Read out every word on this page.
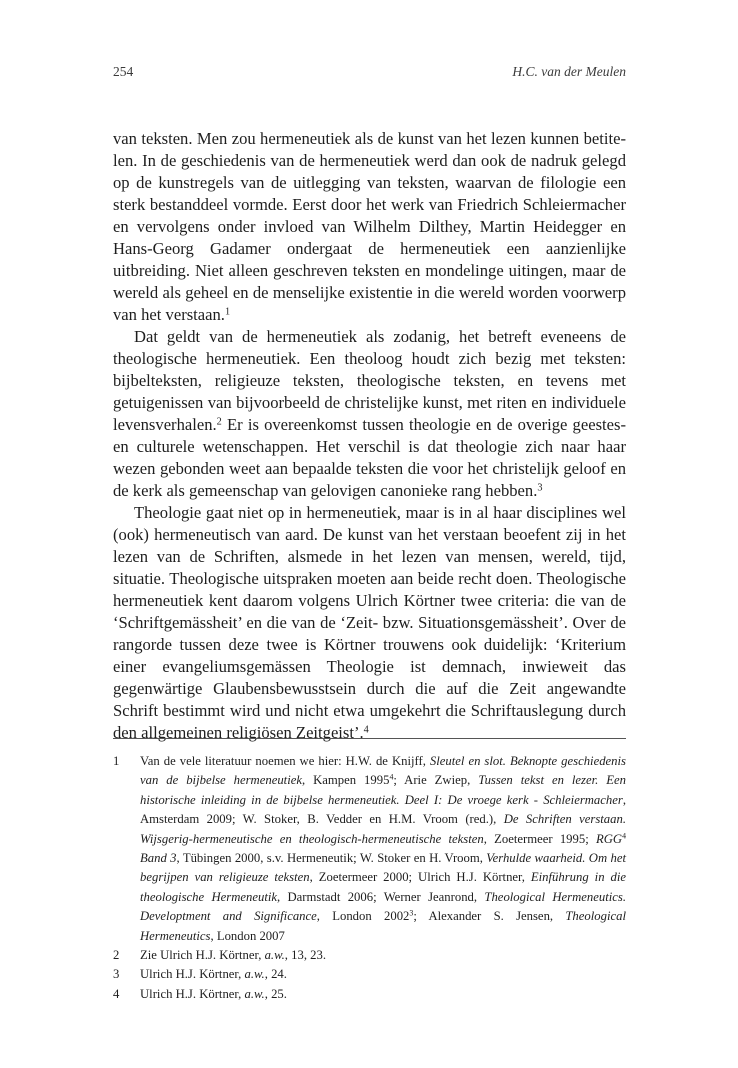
254	H.C. van der Meulen

van teksten. Men zou hermeneutiek als de kunst van het lezen kunnen betitelen. In de geschiedenis van de hermeneutiek werd dan ook de nadruk gelegd op de kunstregels van de uitlegging van teksten, waarvan de filologie een sterk bestanddeel vormde. Eerst door het werk van Friedrich Schleiermacher en vervolgens onder invloed van Wilhelm Dilthey, Martin Heidegger en Hans-Georg Gadamer ondergaat de hermeneutiek een aanzienlijke uitbreiding. Niet alleen geschreven teksten en mondelinge uitingen, maar de wereld als geheel en de menselijke existentie in die wereld worden voorwerp van het verstaan.$^1$

Dat geldt van de hermeneutiek als zodanig, het betreft eveneens de theologische hermeneutiek. Een theoloog houdt zich bezig met teksten: bijbelteksten, religieuze teksten, theologische teksten, en tevens met getuigenissen van bijvoorbeeld de christelijke kunst, met riten en individuele levensverhalen.$^2$ Er is overeenkomst tussen theologie en de overige geestes- en culturele wetenschappen. Het verschil is dat theologie zich naar haar wezen gebonden weet aan bepaalde teksten die voor het christelijk geloof en de kerk als gemeenschap van gelovigen canonieke rang hebben.$^3$

Theologie gaat niet op in hermeneutiek, maar is in al haar disciplines wel (ook) hermeneutisch van aard. De kunst van het verstaan beoefent zij in het lezen van de Schriften, alsmede in het lezen van mensen, wereld, tijd, situatie. Theologische uitspraken moeten aan beide recht doen. Theologische hermeneutiek kent daarom volgens Ulrich Körtner twee criteria: die van de ‘Schriftgemässheit’ en die van de ‘Zeit- bzw. Situationsgemässheit’. Over de rangorde tussen deze twee is Körtner trouwens ook duidelijk: ‘Kriterium einer evangeliumsgemässen Theologie ist demnach, inwieweit das gegenwärtige Glaubensbewusstsein durch die auf die Zeit angewandte Schrift bestimmt wird und nicht etwa umgekehrt die Schriftauslegung durch den allgemeinen religiösen Zeitgeist’.$^4$

1 Van de vele literatuur noemen we hier: H.W. de Knijff, Sleutel en slot. Beknopte geschiedenis van de bijbelse hermeneutiek, Kampen 1995$^4$; Arie Zwiep, Tussen tekst en lezer. Een historische inleiding in de bijbelse hermeneutiek. Deel I: De vroege kerk - Schleiermacher, Amsterdam 2009; W. Stoker, B. Vedder en H.M. Vroom (red.), De Schriften verstaan. Wijsgerig-hermeneutische en theologisch-hermeneutische teksten, Zoetermeer 1995; RGG$^4$ Band 3, Tübingen 2000, s.v. Hermeneutik; W. Stoker en H. Vroom, Verhulde waarheid. Om het begrijpen van religieuze teksten, Zoetermeer 2000; Ulrich H.J. Körtner, Einführung in die theologische Hermeneutik, Darmstadt 2006; Werner Jeanrond, Theological Hermeneutics. Developtment and Significance, London 2002$^3$; Alexander S. Jensen, Theological Hermeneutics, London 2007
2 Zie Ulrich H.J. Körtner, a.w., 13, 23.
3 Ulrich H.J. Körtner, a.w., 24.
4 Ulrich H.J. Körtner, a.w., 25.
